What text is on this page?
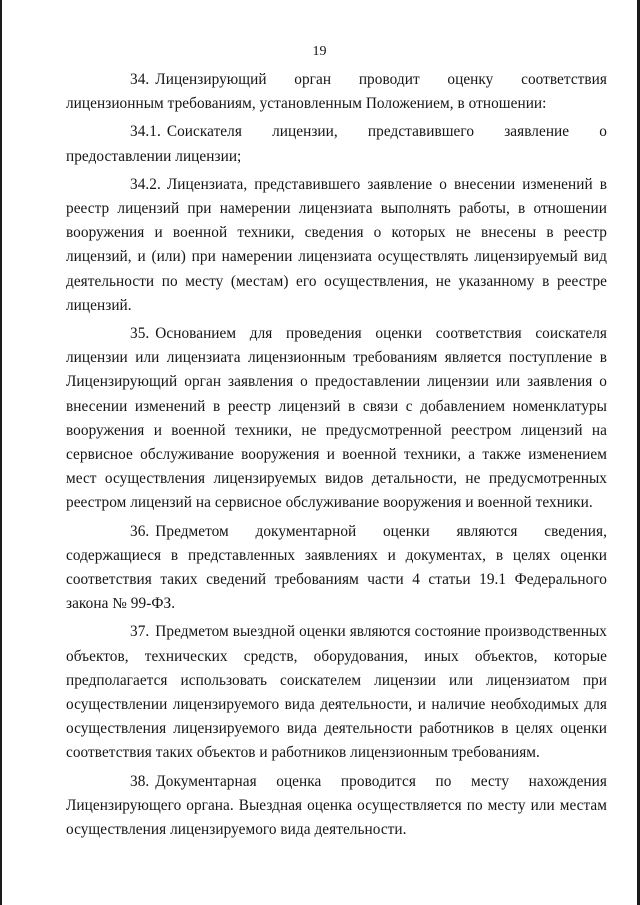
19

34. Лицензирующий орган проводит оценку соответствия лицензионным требованиям, установленным Положением, в отношении:

34.1. Соискателя лицензии, представившего заявление о предоставлении лицензии;

34.2. Лицензиата, представившего заявление о внесении изменений в реестр лицензий при намерении лицензиата выполнять работы, в отношении вооружения и военной техники, сведения о которых не внесены в реестр лицензий, и (или) при намерении лицензиата осуществлять лицензируемый вид деятельности по месту (местам) его осуществления, не указанному в реестре лицензий.

35. Основанием для проведения оценки соответствия соискателя лицензии или лицензиата лицензионным требованиям является поступление в Лицензирующий орган заявления о предоставлении лицензии или заявления о внесении изменений в реестр лицензий в связи с добавлением номенклатуры вооружения и военной техники, не предусмотренной реестром лицензий на сервисное обслуживание вооружения и военной техники, а также изменением мест осуществления лицензируемых видов детальности, не предусмотренных реестром лицензий на сервисное обслуживание вооружения и военной техники.

36. Предметом документарной оценки являются сведения, содержащиеся в представленных заявлениях и документах, в целях оценки соответствия таких сведений требованиям части 4 статьи 19.1 Федерального закона № 99-ФЗ.

37. Предметом выездной оценки являются состояние производственных объектов, технических средств, оборудования, иных объектов, которые предполагается использовать соискателем лицензии или лицензиатом при осуществлении лицензируемого вида деятельности, и наличие необходимых для осуществления лицензируемого вида деятельности работников в целях оценки соответствия таких объектов и работников лицензионным требованиям.

38. Документарная оценка проводится по месту нахождения Лицензирующего органа. Выездная оценка осуществляется по месту или местам осуществления лицензируемого вида деятельности.
